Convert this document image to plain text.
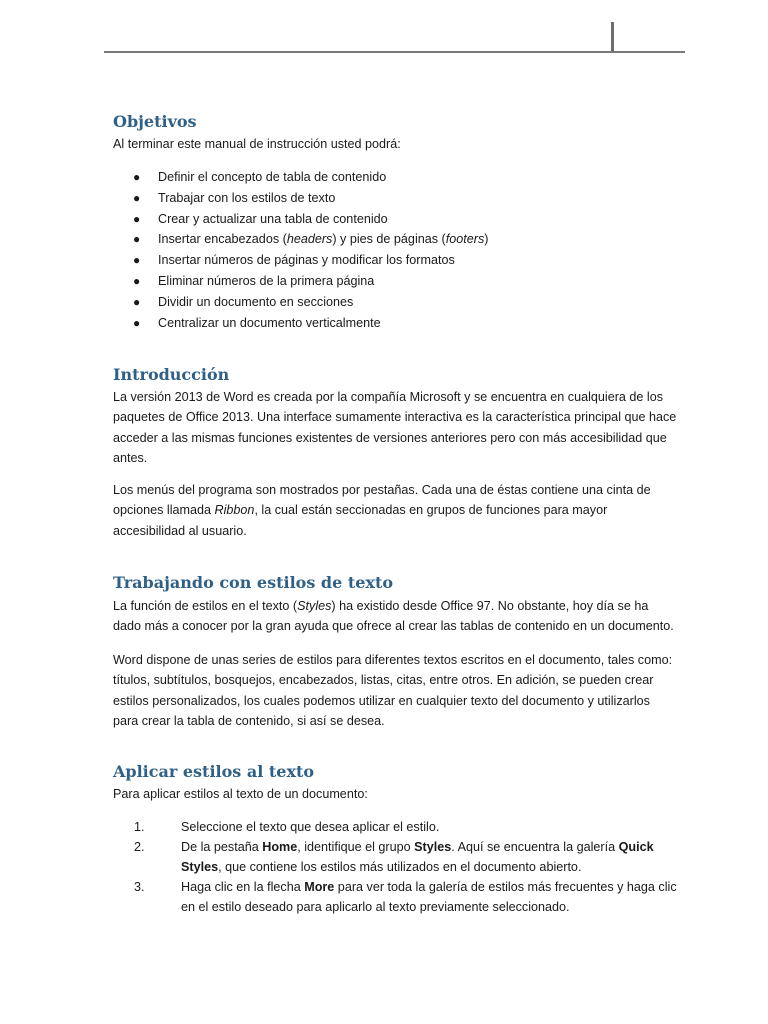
Objetivos

Al terminar este manual de instrucción usted podrá:

● Definir el concepto de tabla de contenido
● Trabajar con los estilos de texto
● Crear y actualizar una tabla de contenido
● Insertar encabezados (headers) y pies de páginas (footers)
● Insertar números de páginas y modificar los formatos
● Eliminar números de la primera página
● Dividir un documento en secciones
● Centralizar un documento verticalmente
Introducción

La versión 2013 de Word es creada por la compañía Microsoft y se encuentra en cualquiera de los paquetes de Office 2013. Una interface sumamente interactiva es la característica principal que hace acceder a las mismas funciones existentes de versiones anteriores pero con más accesibilidad que antes.

Los menús del programa son mostrados por pestañas. Cada una de éstas contiene una cinta de opciones llamada Ribbon, la cual están seccionadas en grupos de funciones para mayor accesibilidad al usuario.

Trabajando con estilos de texto

La función de estilos en el texto (Styles) ha existido desde Office 97. No obstante, hoy día se ha dado más a conocer por la gran ayuda que ofrece al crear las tablas de contenido en un documento.

Word dispone de unas series de estilos para diferentes textos escritos en el documento, tales como: títulos, subtítulos, bosquejos, encabezados, listas, citas, entre otros. En adición, se pueden crear estilos personalizados, los cuales podemos utilizar en cualquier texto del documento y utilizarlos para crear la tabla de contenido, si así se desea.

Aplicar estilos al texto

Para aplicar estilos al texto de un documento:

1.	Seleccione el texto que desea aplicar el estilo.
2.	De la pestaña Home, identifique el grupo Styles. Aquí se encuentra la galería Quick Styles, que contiene los estilos más utilizados en el documento abierto.
3.	Haga clic en la flecha More para ver toda la galería de estilos más frecuentes y haga clic en el estilo deseado para aplicarlo al texto previamente seleccionado.
